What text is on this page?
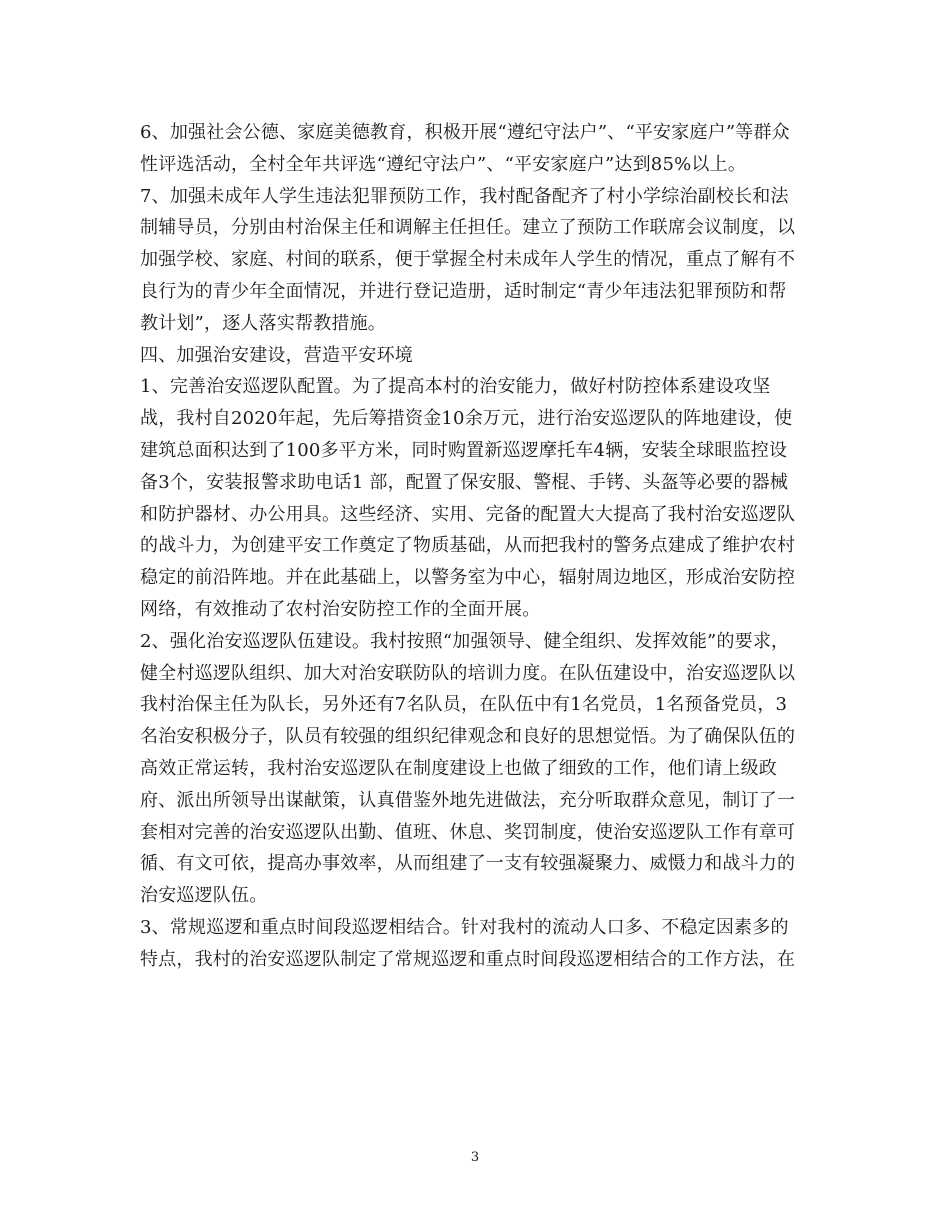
6、加强社会公德、家庭美德教育，积极开展“遵纪守法户”、“平安家庭户”等群众

性评选活动，全村全年共评选“遵纪守法户”、“平安家庭户”达到85%以上。

7、加强未成年人学生违法犯罪预防工作，我村配备配齐了村小学综治副校长和法

制辅导员，分别由村治保主任和调解主任担任。建立了预防工作联席会议制度，以

加强学校、家庭、村间的联系，便于掌握全村未成年人学生的情况，重点了解有不

良行为的青少年全面情况，并进行登记造册，适时制定“青少年违法犯罪预防和帮

教计划”，逐人落实帮教措施。

四、加强治安建设，营造平安环境

1、完善治安巡逻队配置。为了提高本村的治安能力，做好村防控体系建设攻坚

战，我村自2020年起，先后筹措资金10余万元，进行治安巡逻队的阵地建设，使

建筑总面积达到了100多平方米，同时购置新巡逻摩托车4辆，安装全球眼监控设

备3个，安装报警求助电话1 部，配置了保安服、警棍、手铐、头盔等必要的器械

和防护器材、办公用具。这些经济、实用、完备的配置大大提高了我村治安巡逻队

的战斗力，为创建平安工作奠定了物质基础，从而把我村的警务点建成了维护农村

稳定的前沿阵地。并在此基础上，以警务室为中心，辐射周边地区，形成治安防控

网络，有效推动了农村治安防控工作的全面开展。

2、强化治安巡逻队伍建设。我村按照“加强领导、健全组织、发挥效能”的要求，

健全村巡逻队组织、加大对治安联防队的培训力度。在队伍建设中，治安巡逻队以

我村治保主任为队长，另外还有7名队员，在队伍中有1名党员，1名预备党员，3

名治安积极分子，队员有较强的组织纪律观念和良好的思想觉悟。为了确保队伍的

高效正常运转，我村治安巡逻队在制度建设上也做了细致的工作，他们请上级政

府、派出所领导出谋献策，认真借鉴外地先进做法，充分听取群众意见，制订了一

套相对完善的治安巡逻队出勤、值班、休息、奖罚制度，使治安巡逻队工作有章可

循、有文可依，提高办事效率，从而组建了一支有较强凝聚力、威慑力和战斗力的

治安巡逻队伍。

3、常规巡逻和重点时间段巡逻相结合。针对我村的流动人口多、不稳定因素多的

特点，我村的治安巡逻队制定了常规巡逻和重点时间段巡逻相结合的工作方法，在

3
